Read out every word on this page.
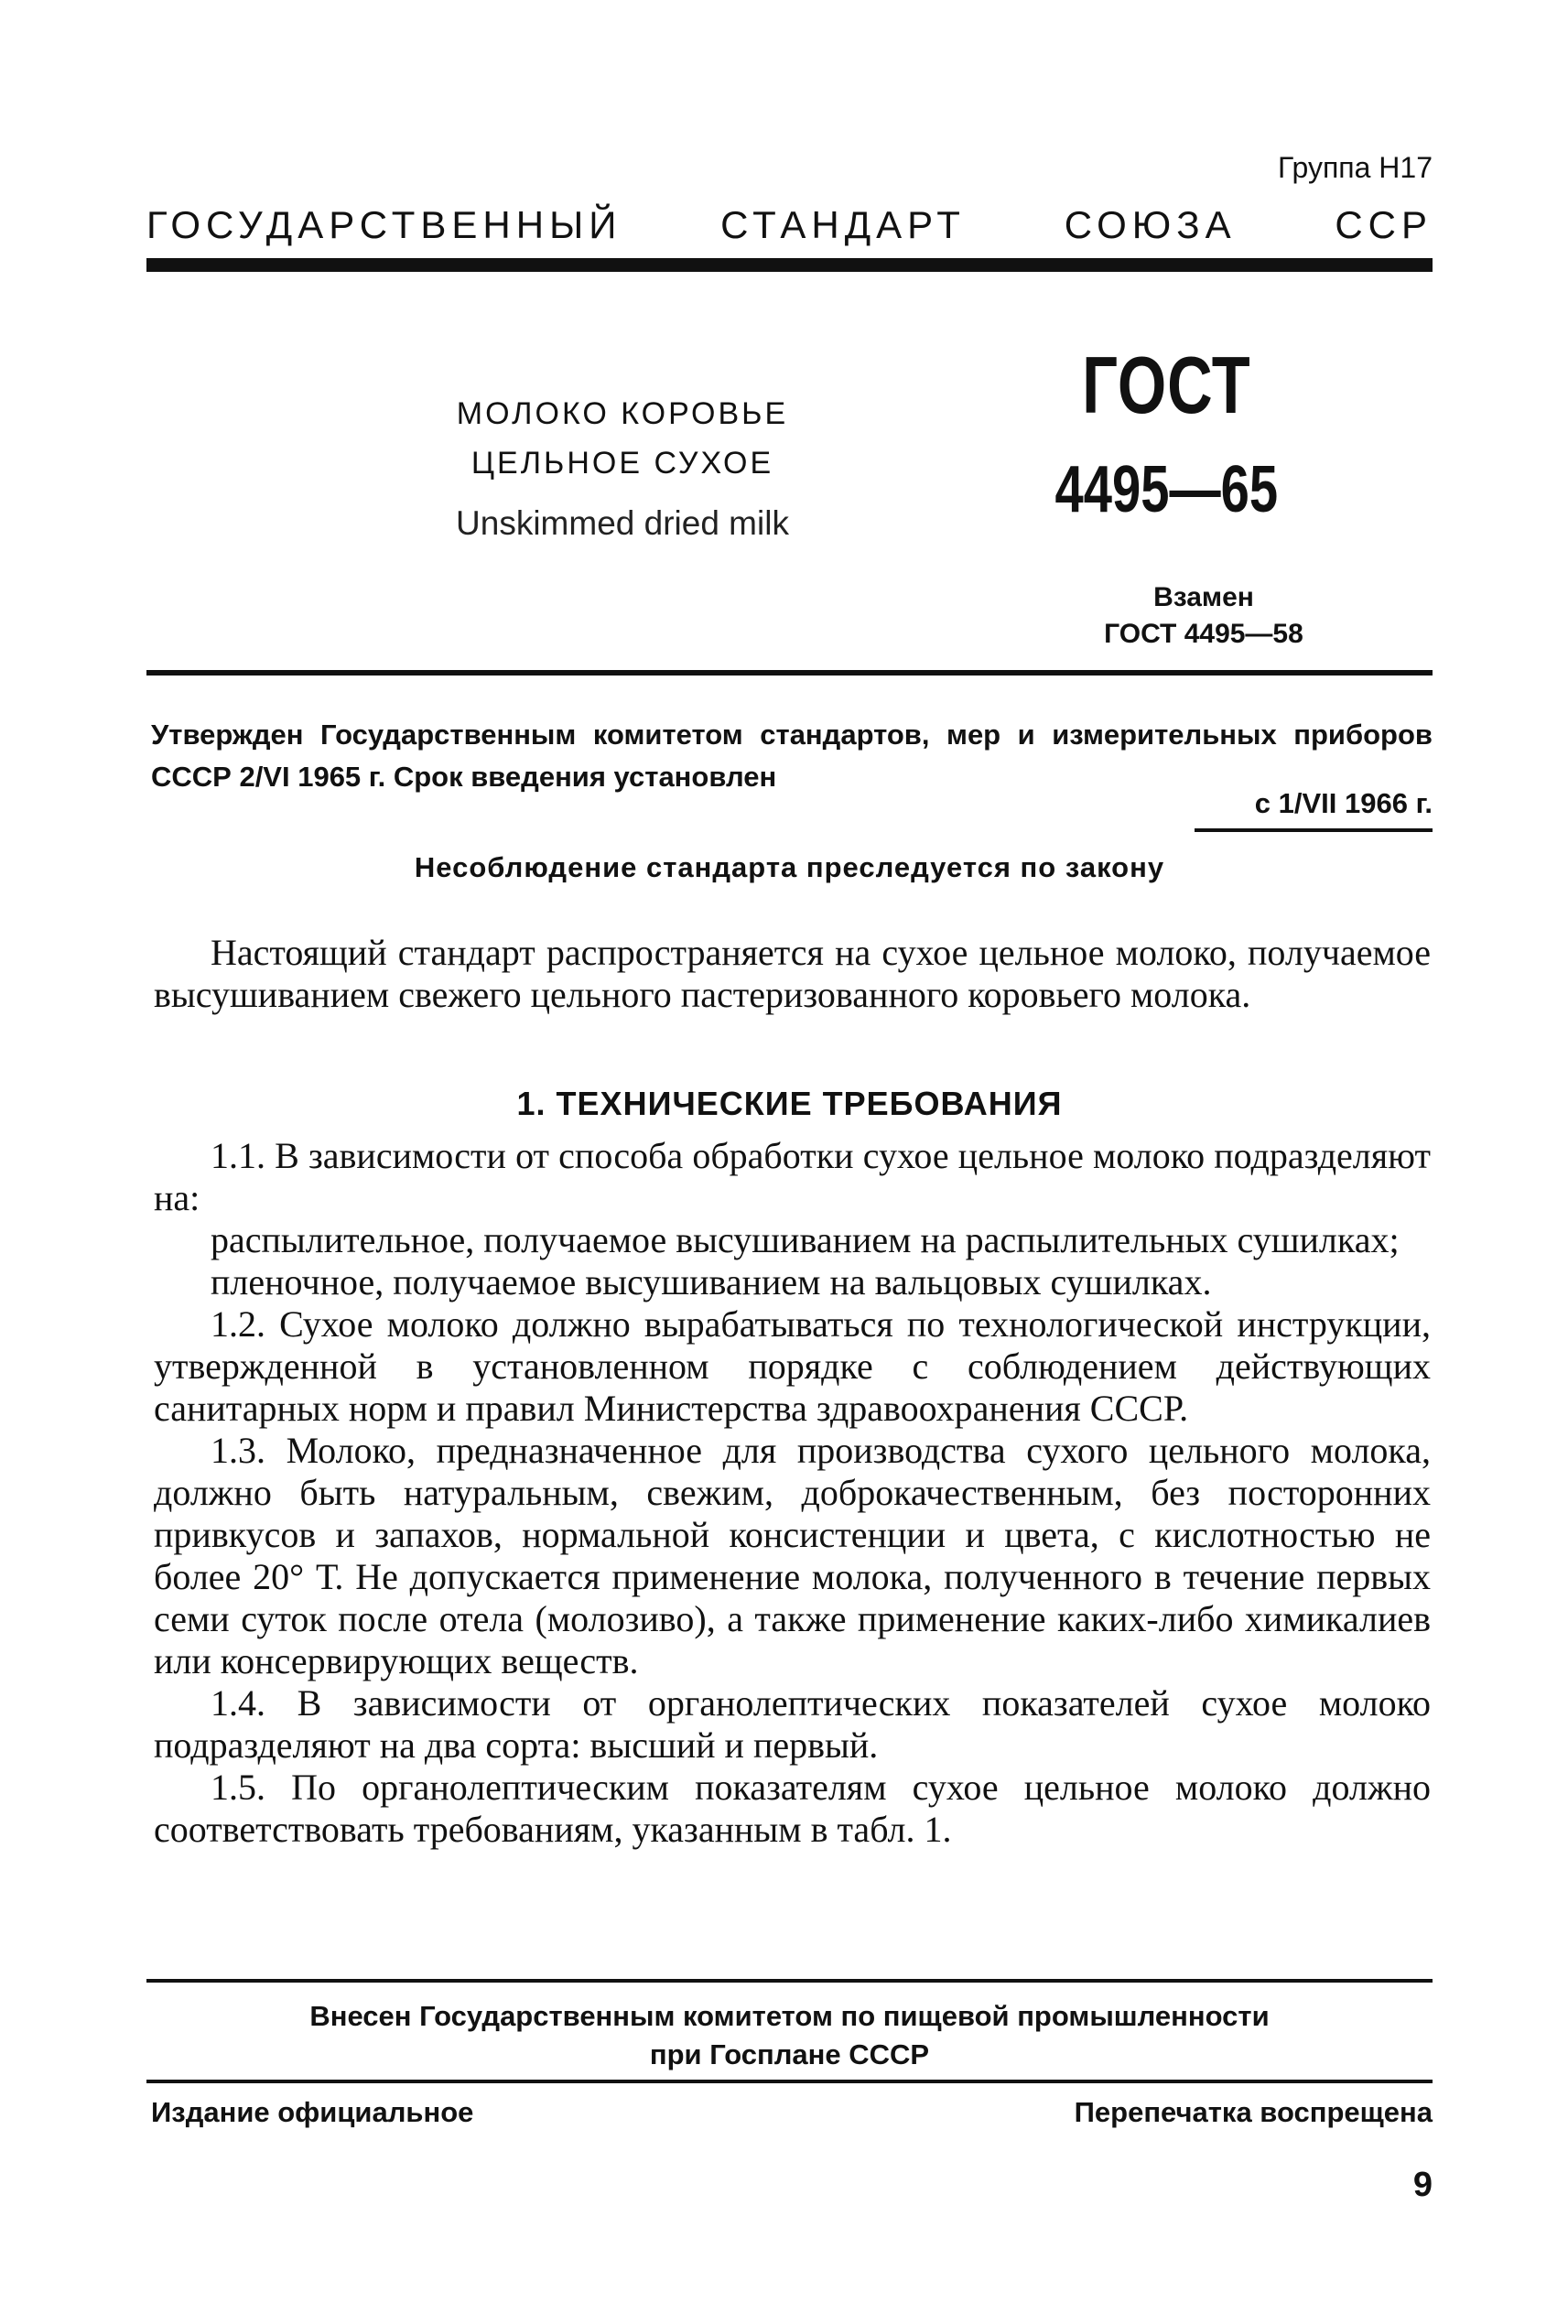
Группа Н17
ГОСУДАРСТВЕННЫЙ СТАНДАРТ СОЮЗА ССР
МОЛОКО КОРОВЬЕ
ЦЕЛЬНОЕ СУХОЕ
Unskimmed dried milk
ГОСТ
4495—65
Взамен
ГОСТ 4495—58
Утвержден Государственным комитетом стандартов, мер и измерительных приборов СССР 2/VI 1965 г. Срок введения установлен
с 1/VII 1966 г.
Несоблюдение стандарта преследуется по закону
Настоящий стандарт распространяется на сухое цельное молоко, получаемое высушиванием свежего цельного пастеризованного коровьего молока.
1. ТЕХНИЧЕСКИЕ ТРЕБОВАНИЯ

1.1. В зависимости от способа обработки сухое цельное молоко подразделяют на:

распылительное, получаемое высушиванием на распылительных сушилках;

пленочное, получаемое высушиванием на вальцовых сушилках.

1.2. Сухое молоко должно вырабатываться по технологической инструкции, утвержденной в установленном порядке с соблюдением действующих санитарных норм и правил Министерства здравоохранения СССР.

1.3. Молоко, предназначенное для производства сухого цельного молока, должно быть натуральным, свежим, доброкачественным, без посторонних привкусов и запахов, нормальной консистенции и цвета, с кислотностью не более 20° Т. Не допускается применение молока, полученного в течение первых семи суток после отела (молозиво), а также применение каких-либо химикалиев или консервирующих веществ.

1.4. В зависимости от органолептических показателей сухое молоко подразделяют на два сорта: высший и первый.

1.5. По органолептическим показателям сухое цельное молоко должно соответствовать требованиям, указанным в табл. 1.

Внесен Государственным комитетом по пищевой промышленности
при Госплане СССР
Издание официальное	Перепечатка воспрещена
9
